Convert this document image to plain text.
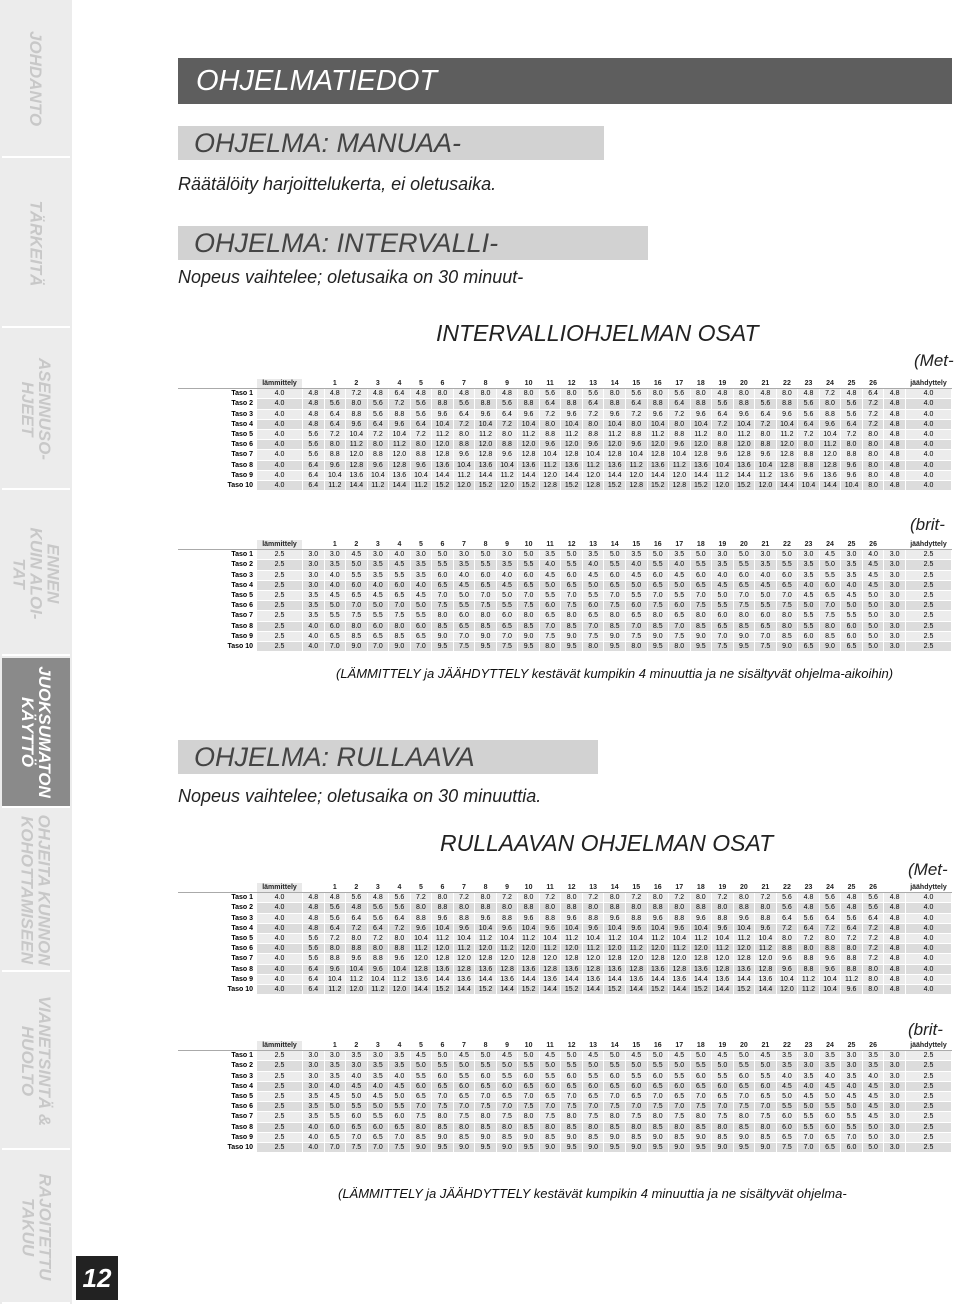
JOHDANTO
TÄRKEITÄ
ASENNUSO-
HJEET
ENNEN
KUIN ALOI-
TAT
JUOKSUMATON
KÄYTTÖ
OHJEITA KUNNON
KOHOTTAMISEEN
VIANETSINTÄ &
HUOLTO
RAJOITETTU
TAKUU
12
OHJELMATIEDOT
OHJELMA: MANUAA-
Räätälöity harjoittelukerta, ei oletusaika.
OHJELMA: INTERVALLI-
Nopeus vaihtelee; oletusaika on 30 minuut-
INTERVALLIOHJELMAN OSAT
(Met-
	lämmittely		1	2	3	4	5	6	7	8	9	10	11	12	13	14	15	16	17	18	19	20	21	22	23	24	25	26		jäähdyttely
Taso 1	4.0	4.8	4.8	7.2	4.8	6.4	4.8	8.0	4.8	8.0	4.8	8.0	5.6	8.0	5.6	8.0	5.6	8.0	5.6	8.0	4.8	8.0	4.8	8.0	4.8	7.2	4.8	6.4	4.8	4.0
Taso 2	4.0	4.8	5.6	8.0	5.6	7.2	5.6	8.8	5.6	8.8	5.6	8.8	6.4	8.8	6.4	8.8	6.4	8.8	6.4	8.8	5.6	8.8	5.6	8.8	5.6	8.0	5.6	7.2	4.8	4.0
Taso 3	4.0	4.8	6.4	8.8	5.6	8.8	5.6	9.6	6.4	9.6	6.4	9.6	7.2	9.6	7.2	9.6	7.2	9.6	7.2	9.6	6.4	9.6	6.4	9.6	5.6	8.8	5.6	7.2	4.8	4.0
Taso 4	4.0	4.8	6.4	9.6	6.4	9.6	6.4	10.4	7.2	10.4	7.2	10.4	8.0	10.4	8.0	10.4	8.0	10.4	8.0	10.4	7.2	10.4	7.2	10.4	6.4	9.6	6.4	7.2	4.8	4.0
Taso 5	4.0	5.6	7.2	10.4	7.2	10.4	7.2	11.2	8.0	11.2	8.0	11.2	8.8	11.2	8.8	11.2	8.8	11.2	8.8	11.2	8.0	11.2	8.0	11.2	7.2	10.4	7.2	8.0	4.8	4.0
Taso 6	4.0	5.6	8.0	11.2	8.0	11.2	8.0	12.0	8.8	12.0	8.8	12.0	9.6	12.0	9.6	12.0	9.6	12.0	9.6	12.0	8.8	12.0	8.8	12.0	8.0	11.2	8.0	8.0	4.8	4.0
Taso 7	4.0	5.6	8.8	12.0	8.8	12.0	8.8	12.8	9.6	12.8	9.6	12.8	10.4	12.8	10.4	12.8	10.4	12.8	10.4	12.8	9.6	12.8	9.6	12.8	8.8	12.0	8.8	8.0	4.8	4.0
Taso 8	4.0	6.4	9.6	12.8	9.6	12.8	9.6	13.6	10.4	13.6	10.4	13.6	11.2	13.6	11.2	13.6	11.2	13.6	11.2	13.6	10.4	13.6	10.4	12.8	8.8	12.8	9.6	8.0	4.8	4.0
Taso 9	4.0	6.4	10.4	13.6	10.4	13.6	10.4	14.4	11.2	14.4	11.2	14.4	12.0	14.4	12.0	14.4	12.0	14.4	12.0	14.4	11.2	14.4	11.2	13.6	9.6	13.6	9.6	8.0	4.8	4.0
Taso 10	4.0	6.4	11.2	14.4	11.2	14.4	11.2	15.2	12.0	15.2	12.0	15.2	12.8	15.2	12.8	15.2	12.8	15.2	12.8	15.2	12.0	15.2	12.0	14.4	10.4	14.4	10.4	8.0	4.8	4.0
(brit-
	lämmittely		1	2	3	4	5	6	7	8	9	10	11	12	13	14	15	16	17	18	19	20	21	22	23	24	25	26		jäähdyttely
Taso 1	2.5	3.0	3.0	4.5	3.0	4.0	3.0	5.0	3.0	5.0	3.0	5.0	3.5	5.0	3.5	5.0	3.5	5.0	3.5	5.0	3.0	5.0	3.0	5.0	3.0	4.5	3.0	4.0	3.0	2.5
Taso 2	2.5	3.0	3.5	5.0	3.5	4.5	3.5	5.5	3.5	5.5	3.5	5.5	4.0	5.5	4.0	5.5	4.0	5.5	4.0	5.5	3.5	5.5	3.5	5.5	3.5	5.0	3.5	4.5	3.0	2.5
Taso 3	2.5	3.0	4.0	5.5	3.5	5.5	3.5	6.0	4.0	6.0	4.0	6.0	4.5	6.0	4.5	6.0	4.5	6.0	4.5	6.0	4.0	6.0	4.0	6.0	3.5	5.5	3.5	4.5	3.0	2.5
Taso 4	2.5	3.0	4.0	6.0	4.0	6.0	4.0	6.5	4.5	6.5	4.5	6.5	5.0	6.5	5.0	6.5	5.0	6.5	5.0	6.5	4.5	6.5	4.5	6.5	4.0	6.0	4.0	4.5	3.0	2.5
Taso 5	2.5	3.5	4.5	6.5	4.5	6.5	4.5	7.0	5.0	7.0	5.0	7.0	5.5	7.0	5.5	7.0	5.5	7.0	5.5	7.0	5.0	7.0	5.0	7.0	4.5	6.5	4.5	5.0	3.0	2.5
Taso 6	2.5	3.5	5.0	7.0	5.0	7.0	5.0	7.5	5.5	7.5	5.5	7.5	6.0	7.5	6.0	7.5	6.0	7.5	6.0	7.5	5.5	7.5	5.5	7.5	5.0	7.0	5.0	5.0	3.0	2.5
Taso 7	2.5	3.5	5.5	7.5	5.5	7.5	5.5	8.0	6.0	8.0	6.0	8.0	6.5	8.0	6.5	8.0	6.5	8.0	6.5	8.0	6.0	8.0	6.0	8.0	5.5	7.5	5.5	5.0	3.0	2.5
Taso 8	2.5	4.0	6.0	8.0	6.0	8.0	6.0	8.5	6.5	8.5	6.5	8.5	7.0	8.5	7.0	8.5	7.0	8.5	7.0	8.5	6.5	8.5	6.5	8.0	5.5	8.0	6.0	5.0	3.0	2.5
Taso 9	2.5	4.0	6.5	8.5	6.5	8.5	6.5	9.0	7.0	9.0	7.0	9.0	7.5	9.0	7.5	9.0	7.5	9.0	7.5	9.0	7.0	9.0	7.0	8.5	6.0	8.5	6.0	5.0	3.0	2.5
Taso 10	2.5	4.0	7.0	9.0	7.0	9.0	7.0	9.5	7.5	9.5	7.5	9.5	8.0	9.5	8.0	9.5	8.0	9.5	8.0	9.5	7.5	9.5	7.5	9.0	6.5	9.0	6.5	5.0	3.0	2.5
(LÄMMITTELY ja JÄÄHDYTTELY kestävät kumpikin 4 minuuttia ja ne sisältyvät ohjelma-aikoihin)
OHJELMA: RULLAAVA
Nopeus vaihtelee; oletusaika on 30 minuuttia.
RULLAAVAN OHJELMAN OSAT
(Met-
	lämmittely		1	2	3	4	5	6	7	8	9	10	11	12	13	14	15	16	17	18	19	20	21	22	23	24	25	26		jäähdyttely
Taso 1	4.0	4.8	4.8	5.6	4.8	5.6	7.2	8.0	7.2	8.0	7.2	8.0	7.2	8.0	7.2	8.0	7.2	8.0	7.2	8.0	7.2	8.0	7.2	5.6	4.8	5.6	4.8	5.6	4.8	4.0
Taso 2	4.0	4.8	5.6	4.8	5.6	5.6	8.0	8.8	8.0	8.8	8.0	8.8	8.0	8.8	8.0	8.8	8.0	8.8	8.0	8.8	8.0	8.8	8.0	5.6	4.8	5.6	4.8	5.6	4.8	4.0
Taso 3	4.0	4.8	5.6	6.4	5.6	6.4	8.8	9.6	8.8	9.6	8.8	9.6	8.8	9.6	8.8	9.6	8.8	9.6	8.8	9.6	8.8	9.6	8.8	6.4	5.6	6.4	5.6	6.4	4.8	4.0
Taso 4	4.0	4.8	6.4	7.2	6.4	7.2	9.6	10.4	9.6	10.4	9.6	10.4	9.6	10.4	9.6	10.4	9.6	10.4	9.6	10.4	9.6	10.4	9.6	7.2	6.4	7.2	6.4	7.2	4.8	4.0
Taso 5	4.0	5.6	7.2	8.0	7.2	8.0	10.4	11.2	10.4	11.2	10.4	11.2	10.4	11.2	10.4	11.2	10.4	11.2	10.4	11.2	10.4	11.2	10.4	8.0	7.2	8.0	7.2	7.2	4.8	4.0
Taso 6	4.0	5.6	8.0	8.8	8.0	8.8	11.2	12.0	11.2	12.0	11.2	12.0	11.2	12.0	11.2	12.0	11.2	12.0	11.2	12.0	11.2	12.0	11.2	8.8	8.0	8.8	8.0	7.2	4.8	4.0
Taso 7	4.0	5.6	8.8	9.6	8.8	9.6	12.0	12.8	12.0	12.8	12.0	12.8	12.0	12.8	12.0	12.8	12.0	12.8	12.0	12.8	12.0	12.8	12.0	9.6	8.8	9.6	8.8	7.2	4.8	4.0
Taso 8	4.0	6.4	9.6	10.4	9.6	10.4	12.8	13.6	12.8	13.6	12.8	13.6	12.8	13.6	12.8	13.6	12.8	13.6	12.8	13.6	12.8	13.6	12.8	9.6	8.8	9.6	8.8	8.0	4.8	4.0
Taso 9	4.0	6.4	10.4	11.2	10.4	11.2	13.6	14.4	13.6	14.4	13.6	14.4	13.6	14.4	13.6	14.4	13.6	14.4	13.6	14.4	13.6	14.4	13.6	10.4	11.2	10.4	11.2	8.0	4.8	4.0
Taso 10	4.0	6.4	11.2	12.0	11.2	12.0	14.4	15.2	14.4	15.2	14.4	15.2	14.4	15.2	14.4	15.2	14.4	15.2	14.4	15.2	14.4	15.2	14.4	12.0	11.2	10.4	9.6	8.0	4.8	4.0
(brit-
	lämmittely		1	2	3	4	5	6	7	8	9	10	11	12	13	14	15	16	17	18	19	20	21	22	23	24	25	26		jäähdyttely
Taso 1	2.5	3.0	3.0	3.5	3.0	3.5	4.5	5.0	4.5	5.0	4.5	5.0	4.5	5.0	4.5	5.0	4.5	5.0	4.5	5.0	4.5	5.0	4.5	3.5	3.0	3.5	3.0	3.5	3.0	2.5
Taso 2	2.5	3.0	3.5	3.0	3.5	3.5	5.0	5.5	5.0	5.5	5.0	5.5	5.0	5.5	5.0	5.5	5.0	5.5	5.0	5.5	5.0	5.5	5.0	3.5	3.0	3.5	3.0	3.5	3.0	2.5
Taso 3	2.5	3.0	3.5	4.0	3.5	4.0	5.5	6.0	5.5	6.0	5.5	6.0	5.5	6.0	5.5	6.0	5.5	6.0	5.5	6.0	5.5	6.0	5.5	4.0	3.5	4.0	3.5	4.0	3.0	2.5
Taso 4	2.5	3.0	4.0	4.5	4.0	4.5	6.0	6.5	6.0	6.5	6.0	6.5	6.0	6.5	6.0	6.5	6.0	6.5	6.0	6.5	6.0	6.5	6.0	4.5	4.0	4.5	4.0	4.5	3.0	2.5
Taso 5	2.5	3.5	4.5	5.0	4.5	5.0	6.5	7.0	6.5	7.0	6.5	7.0	6.5	7.0	6.5	7.0	6.5	7.0	6.5	7.0	6.5	7.0	6.5	5.0	4.5	5.0	4.5	4.5	3.0	2.5
Taso 6	2.5	3.5	5.0	5.5	5.0	5.5	7.0	7.5	7.0	7.5	7.0	7.5	7.0	7.5	7.0	7.5	7.0	7.5	7.0	7.5	7.0	7.5	7.0	5.5	5.0	5.5	5.0	4.5	3.0	2.5
Taso 7	2.5	3.5	5.5	6.0	5.5	6.0	7.5	8.0	7.5	8.0	7.5	8.0	7.5	8.0	7.5	8.0	7.5	8.0	7.5	8.0	7.5	8.0	7.5	6.0	5.5	6.0	5.5	4.5	3.0	2.5
Taso 8	2.5	4.0	6.0	6.5	6.0	6.5	8.0	8.5	8.0	8.5	8.0	8.5	8.0	8.5	8.0	8.5	8.0	8.5	8.0	8.5	8.0	8.5	8.0	6.0	5.5	6.0	5.5	5.0	3.0	2.5
Taso 9	2.5	4.0	6.5	7.0	6.5	7.0	8.5	9.0	8.5	9.0	8.5	9.0	8.5	9.0	8.5	9.0	8.5	9.0	8.5	9.0	8.5	9.0	8.5	6.5	7.0	6.5	7.0	5.0	3.0	2.5
Taso 10	2.5	4.0	7.0	7.5	7.0	7.5	9.0	9.5	9.0	9.5	9.0	9.5	9.0	9.5	9.0	9.5	9.0	9.5	9.0	9.5	9.0	9.5	9.0	7.5	7.0	6.5	6.0	5.0	3.0	2.5
(LÄMMITTELY ja JÄÄHDYTTELY kestävät kumpikin 4 minuuttia ja ne sisältyvät ohjelma-
